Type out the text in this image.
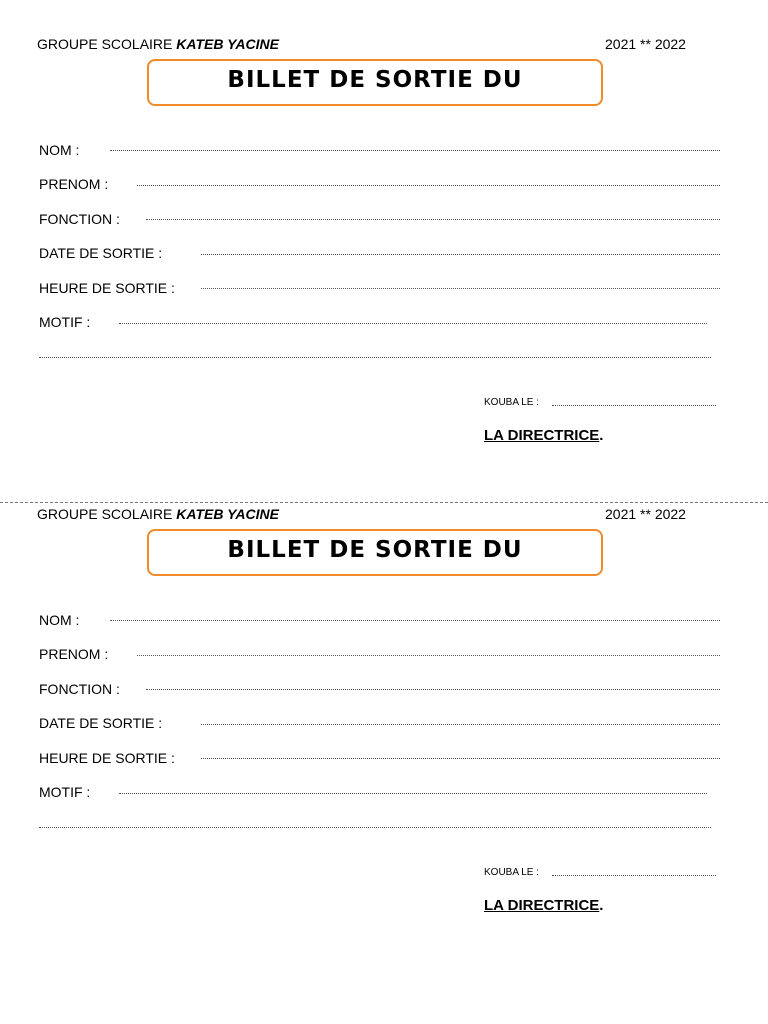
GROUPE SCOLAIRE KATEB YACINE	2021 ** 2022
BILLET DE SORTIE DU
NOM :
PRENOM :
FONCTION :
DATE DE SORTIE :
HEURE DE SORTIE :
MOTIF :
KOUBA LE :
LA DIRECTRICE.
GROUPE SCOLAIRE KATEB YACINE	2021 ** 2022
BILLET DE SORTIE DU
NOM :
PRENOM :
FONCTION :
DATE DE SORTIE :
HEURE DE SORTIE :
MOTIF :
KOUBA LE :
LA DIRECTRICE.
